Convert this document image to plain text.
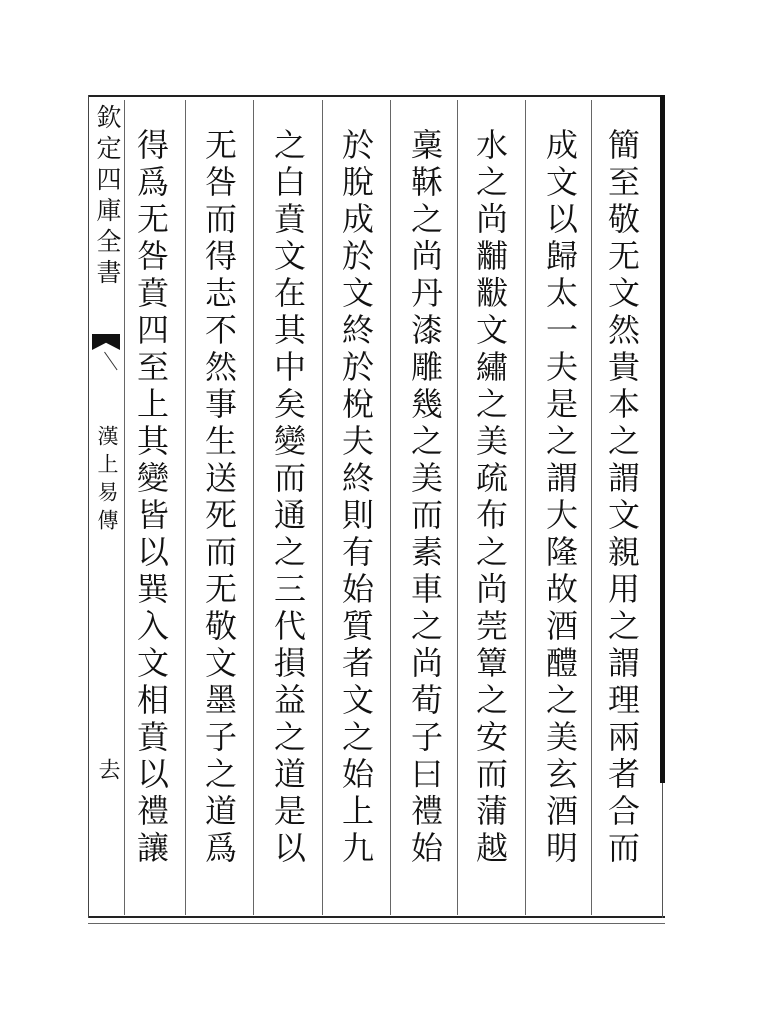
簡至敬无文然貴本之謂文親用之謂理兩者合而
成文以歸太一夫是之謂大隆故酒醴之美玄酒明
水之尚黼黻文繡之美疏布之尚莞簟之安而蒲越
稾鞂之尚丹漆雕幾之美而素車之尚荀子曰禮始
於脫成於文終於梲夫終則有始質者文之始上九
之白賁文在其中矣變而通之三代損益之道是以
无咎而得志不然事生送死而无敬文墨子之道爲
得爲无咎賁四至上其變皆以巽入文相賁以禮讓
欽定四庫全書
漢上易傳
去
